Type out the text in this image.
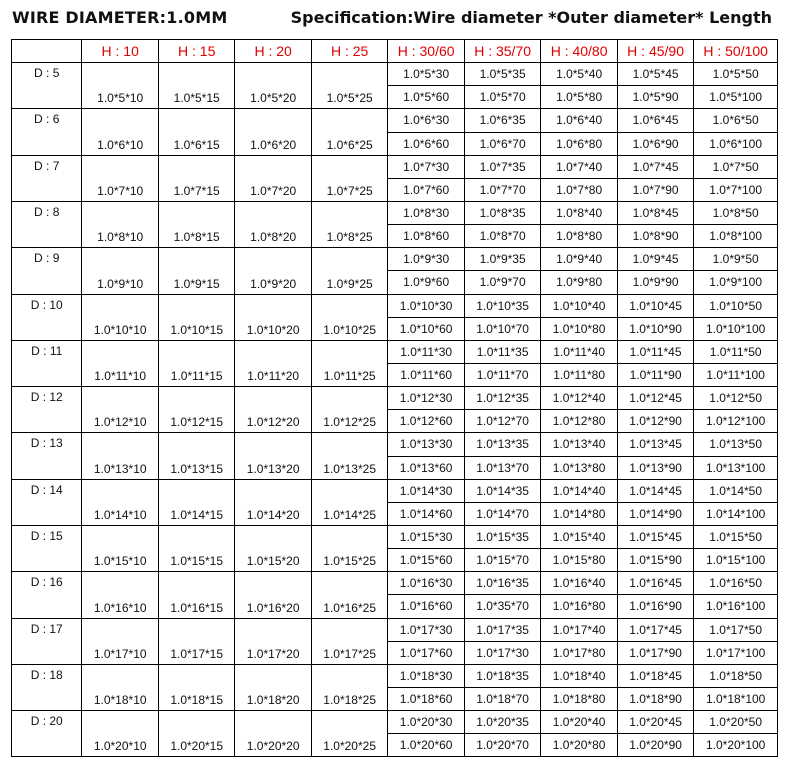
WIRE DIAMETER:1.0MM	Specification:Wire diameter *Outer diameter* Length
	H : 10	H : 15	H : 20	H : 25	H : 30/60	H : 35/70	H : 40/80	H : 45/90	H : 50/100
D : 5	1.0*5*10	1.0*5*15	1.0*5*20	1.0*5*25	1.0*5*30	1.0*5*35	1.0*5*40	1.0*5*45	1.0*5*50
					1.0*5*60	1.0*5*70	1.0*5*80	1.0*5*90	1.0*5*100
D : 6	1.0*6*10	1.0*6*15	1.0*6*20	1.0*6*25	1.0*6*30	1.0*6*35	1.0*6*40	1.0*6*45	1.0*6*50
					1.0*6*60	1.0*6*70	1.0*6*80	1.0*6*90	1.0*6*100
D : 7	1.0*7*10	1.0*7*15	1.0*7*20	1.0*7*25	1.0*7*30	1.0*7*35	1.0*7*40	1.0*7*45	1.0*7*50
					1.0*7*60	1.0*7*70	1.0*7*80	1.0*7*90	1.0*7*100
D : 8	1.0*8*10	1.0*8*15	1.0*8*20	1.0*8*25	1.0*8*30	1.0*8*35	1.0*8*40	1.0*8*45	1.0*8*50
					1.0*8*60	1.0*8*70	1.0*8*80	1.0*8*90	1.0*8*100
D : 9	1.0*9*10	1.0*9*15	1.0*9*20	1.0*9*25	1.0*9*30	1.0*9*35	1.0*9*40	1.0*9*45	1.0*9*50
					1.0*9*60	1.0*9*70	1.0*9*80	1.0*9*90	1.0*9*100
D : 10	1.0*10*10	1.0*10*15	1.0*10*20	1.0*10*25	1.0*10*30	1.0*10*35	1.0*10*40	1.0*10*45	1.0*10*50
					1.0*10*60	1.0*10*70	1.0*10*80	1.0*10*90	1.0*10*100
D : 11	1.0*11*10	1.0*11*15	1.0*11*20	1.0*11*25	1.0*11*30	1.0*11*35	1.0*11*40	1.0*11*45	1.0*11*50
					1.0*11*60	1.0*11*70	1.0*11*80	1.0*11*90	1.0*11*100
D : 12	1.0*12*10	1.0*12*15	1.0*12*20	1.0*12*25	1.0*12*30	1.0*12*35	1.0*12*40	1.0*12*45	1.0*12*50
					1.0*12*60	1.0*12*70	1.0*12*80	1.0*12*90	1.0*12*100
D : 13	1.0*13*10	1.0*13*15	1.0*13*20	1.0*13*25	1.0*13*30	1.0*13*35	1.0*13*40	1.0*13*45	1.0*13*50
					1.0*13*60	1.0*13*70	1.0*13*80	1.0*13*90	1.0*13*100
D : 14	1.0*14*10	1.0*14*15	1.0*14*20	1.0*14*25	1.0*14*30	1.0*14*35	1.0*14*40	1.0*14*45	1.0*14*50
					1.0*14*60	1.0*14*70	1.0*14*80	1.0*14*90	1.0*14*100
D : 15	1.0*15*10	1.0*15*15	1.0*15*20	1.0*15*25	1.0*15*30	1.0*15*35	1.0*15*40	1.0*15*45	1.0*15*50
					1.0*15*60	1.0*15*70	1.0*15*80	1.0*15*90	1.0*15*100
D : 16	1.0*16*10	1.0*16*15	1.0*16*20	1.0*16*25	1.0*16*30	1.0*16*35	1.0*16*40	1.0*16*45	1.0*16*50
					1.0*16*60	1.0*35*70	1.0*16*80	1.0*16*90	1.0*16*100
D : 17	1.0*17*10	1.0*17*15	1.0*17*20	1.0*17*25	1.0*17*30	1.0*17*35	1.0*17*40	1.0*17*45	1.0*17*50
					1.0*17*60	1.0*17*30	1.0*17*80	1.0*17*90	1.0*17*100
D : 18	1.0*18*10	1.0*18*15	1.0*18*20	1.0*18*25	1.0*18*30	1.0*18*35	1.0*18*40	1.0*18*45	1.0*18*50
					1.0*18*60	1.0*18*70	1.0*18*80	1.0*18*90	1.0*18*100
D : 20	1.0*20*10	1.0*20*15	1.0*20*20	1.0*20*25	1.0*20*30	1.0*20*35	1.0*20*40	1.0*20*45	1.0*20*50
					1.0*20*60	1.0*20*70	1.0*20*80	1.0*20*90	1.0*20*100
